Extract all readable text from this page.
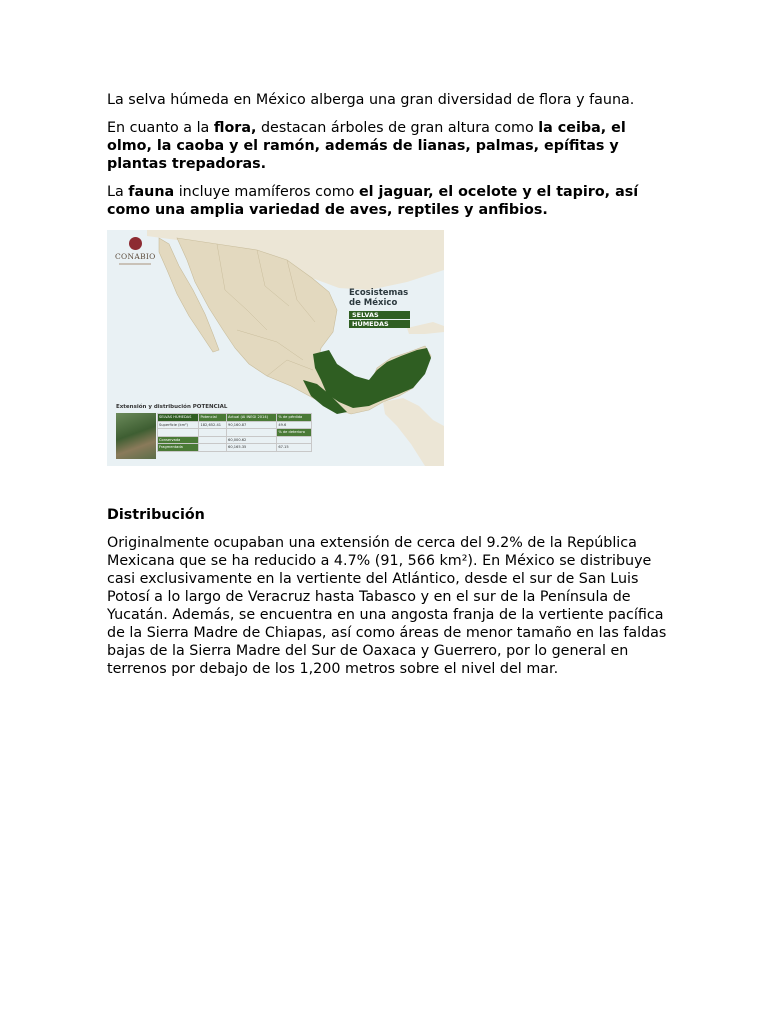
La selva húmeda en México alberga una gran diversidad de flora y fauna.

En cuanto a la flora, destacan árboles de gran altura como la ceiba, el olmo, la caoba y el ramón, además de lianas, palmas, epífitas y plantas trepadoras.

La fauna incluye mamíferos como el jaguar, el ocelote y el tapiro, así como una amplia variedad de aves, reptiles y anfibios.

CONABIO
Ecosistemas
de México
SELVAS
HÚMEDAS
Extensión y distribución POTENCIAL
SELVAS HÚMEDAS	Potencial	Actual (Al INEGI 2014)	% de pérdida
Superficie (km²)	182,652.41	90,160.87	49.6
			% de deterioro
Conservada		60,000.62	
Fragmentada		60,165.35	67.15

Distribución

Originalmente ocupaban una extensión de cerca del 9.2% de la República Mexicana que se ha reducido a 4.7% (91, 566 km²). En México se distribuye casi exclusivamente en la vertiente del Atlántico, desde el sur de San Luis Potosí a lo largo de Veracruz hasta Tabasco y en el sur de la Península de Yucatán. Además, se encuentra en una angosta franja de la vertiente pacífica de la Sierra Madre de Chiapas, así como áreas de menor tamaño en las faldas bajas de la Sierra Madre del Sur de Oaxaca y Guerrero, por lo general en terrenos por debajo de los 1,200 metros sobre el nivel del mar.
